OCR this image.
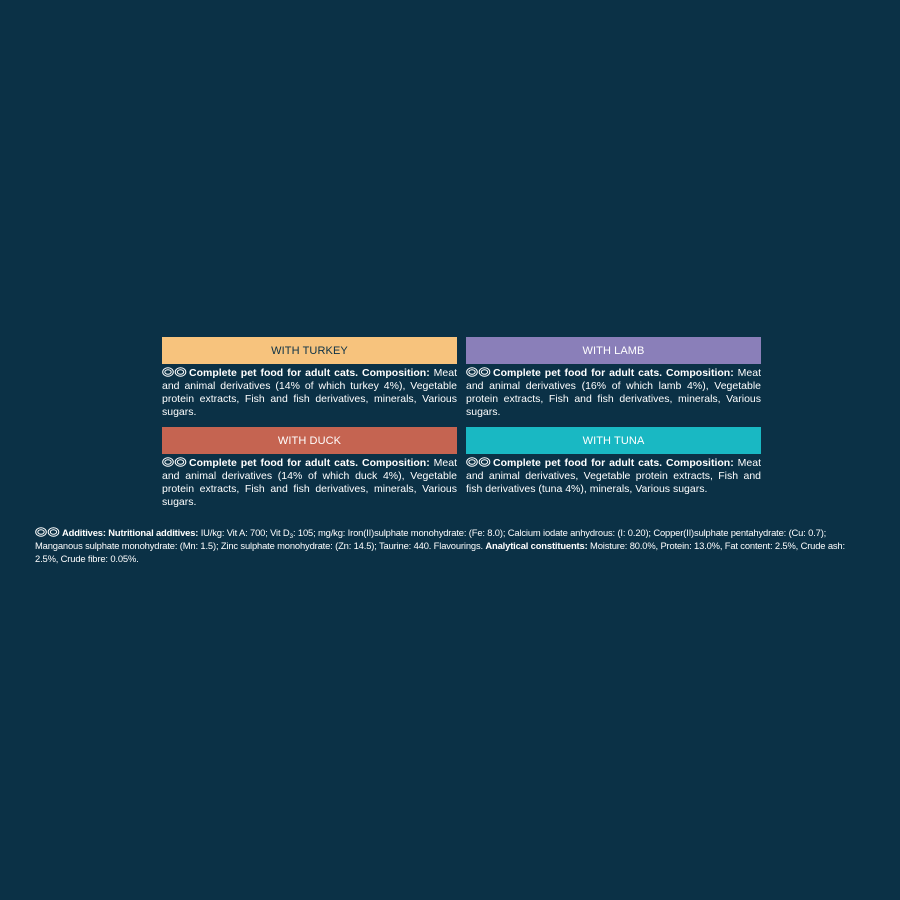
WITH TURKEY
Complete pet food for adult cats. Composition: Meat and animal derivatives (14% of which turkey 4%), Vegetable protein extracts, Fish and fish derivatives, minerals, Various sugars.
WITH LAMB
Complete pet food for adult cats. Composition: Meat and animal derivatives (16% of which lamb 4%), Vegetable protein extracts, Fish and fish derivatives, minerals, Various sugars.
WITH DUCK
Complete pet food for adult cats. Composition: Meat and animal derivatives (14% of which duck 4%), Vegetable protein extracts, Fish and fish derivatives, minerals, Various sugars.
WITH TUNA
Complete pet food for adult cats. Composition: Meat and animal derivatives, Vegetable protein extracts, Fish and fish derivatives (tuna 4%), minerals, Various sugars.
Additives: Nutritional additives: IU/kg: Vit A: 700; Vit $D_3$: 105; mg/kg: Iron(II)sulphate monohydrate: (Fe: 8.0); Calcium iodate anhydrous: (I: 0.20); Copper(II)sulphate pentahydrate: (Cu: 0.7); Manganous sulphate monohydrate: (Mn: 1.5); Zinc sulphate monohydrate: (Zn: 14.5); Taurine: 440. Flavourings. Analytical constituents: Moisture: 80.0%, Protein: 13.0%, Fat content: 2.5%, Crude ash: 2.5%, Crude fibre: 0.05%.
